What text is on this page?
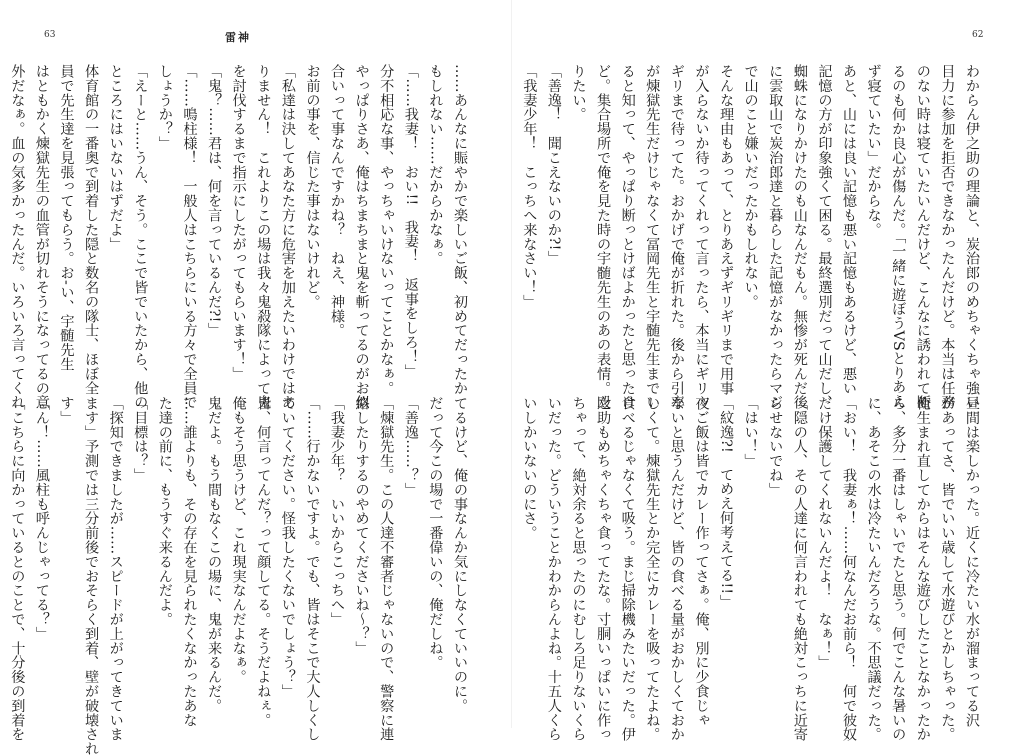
63	雷神
……あんなに賑やかで楽しいご飯、初めてだったか
もしれない……だからかなぁ。
「……我妻！　おい!!　我妻！　返事をしろ！」
分不相応な事、やっちゃいけないってことかなぁ。
やっぱりさあ、俺はちまちまと鬼を斬ってるのがお似
合いって事なんですかね？　ねえ、神様。
お前の事を、信じた事はないけれど。
「私達は決してあなた方に危害を加えたいわけではあ
りません！　これよりこの場は我々鬼殺隊によって鬼
を討伐するまで指示にしたがってもらいます！」
「鬼？……君は、何を言っているんだ?!」
「……鳴柱様！　一般人はこちらにいる方々で全員で
しょうか？」
「えーと……うん、そう。ここで皆でいたから、他の
ところにはいないはずだよ」
体育館の一番奥で到着した隠と数名の隊士、ほぼ全
員で先生達を見張ってもらう。お-い、宇髄先生
はともかく煉獄先生の血管が切れそうになってるの意
外だなぁ。血の気多かったんだ。いろいろ言ってくれ
てるけど、俺の事なんか気にしなくていいのに。
だって今この場で一番偉いの、俺だしね。
「善逸……？」
「煉獄先生。この人達不審者じゃないので、警察に連
絡したりするのやめてくださいね～？」
「我妻少年？　いいからこっちへ」
「……行かないですよ。でも、皆はそこで大人しくし
ていてください。怪我したくないでしょう？」
皆、何言ってんだ？って顔してる。そうだよねぇ。
俺もそう思うけど、これ現実なんだよなぁ。
鬼だよ。もう間もなくこの場に、鬼が来るんだ。
……誰よりも、その存在を見られたくなかったあな
た達の前に、もうすぐ来るんだよ。
「目標は？」
「探知できましたが……スピードが上がってきていま
ます」予測では三分前後でおそらく到着、壁が破壊され
す」
「ん！……風柱も呼んじゃってる？」
「こちらに向かっているとのことで、十分後の到着を
62
わからん伊之助の理論と、炭治郎のめちゃくちゃ強い
目力に参加を拒否できなかったんだけど。本当は任務
のない時は寝ていたいんだけど、こんなに誘われて断
るのも何か良心が傷んだ。「一緒に遊ぼうVSとりあえ
ず寝ていたい」だからな。
あと、山には良い記憶も悪い記憶もあるけど、悪い
記憶の方が印象強くて困る。最終選別だって山だし、
蜘蛛になりかけたのも山なんだもん。無惨が死んだ後
に雲取山で炭治郎達と暮らした記憶がなかったらマジ
で山のこと嫌いだったかもしれない。
そんな理由もあって、とりあえずギリギリまで用事
が入らないか待ってくれって言ったら、本当にギリッ
ギリまで待ってた。おかげで俺が折れた。後から引率
が煉獄先生だけじゃなくて冨岡先生と宇髄先生までい
ると知って、やっぱり断っとけばよかったと思ったけ
ど。集合場所で俺を見た時の宇髄先生のあの表情。殴
りたい。
「善逸！　聞こえないのか?!」
「我妻少年！　こっちへ来なさい！」
昼間は楽しかった。近くに冷たい水が溜まってる沢
があってさ、皆でいい歳して水遊びとかしちゃった。
俺生まれ直してからはそんな遊びしたことなかったか
ら、多分一番はしゃいでたと思う。何でこんな暑いの
に、あそこの水は冷たいんだろうな。不思議だった。
「おい！　我妻ぁ！……何なんだお前ら！　何で彼奴
だけ保護してくれないんだよ！　なぁ！」
「隠の人、その人達に何言われても絶対こっちに近寄
らせないでね」
「はい！」
「紋逸?!　てめえ何考えてる!!」
夜ご飯は皆でカレー作ってさぁ。俺、別に少食じゃ
ないと思うんだけど、皆の食べる量がおかしくておか
しくて。煉獄先生とか完全にカレーを吸ってたよね。
食べるじゃなくて吸う。まじ掃除機みたいだった。伊
之助もめちゃくちゃ食ってたな。寸胴いっぱいに作っ
ちゃって、絶対余ると思ったのにむしろ足りないくら
いだった。どういうことかわからんよね。十五人くら
いしかいないのにさ。
